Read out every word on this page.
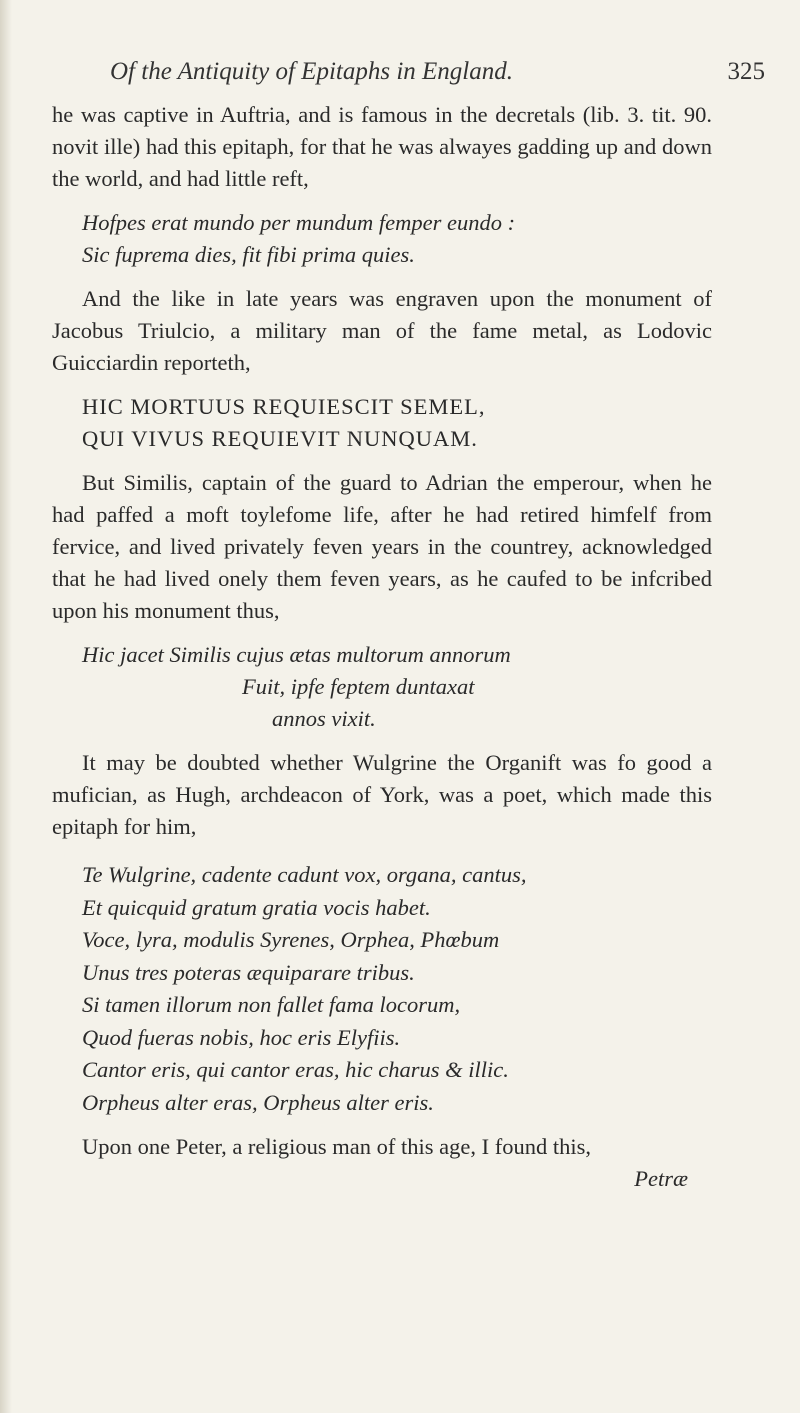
Of the Antiquity of Epitaphs in England.	325

he was captive in Auftria, and is famous in the decretals (lib. 3. tit. 90. novit ille) had this epitaph, for that he was alwayes gadding up and down the world, and had little reft,

Hofpes erat mundo per mundum femper eundo :
Sic fuprema dies, fit fibi prima quies.

And the like in late years was engraven upon the monument of Jacobus Triulcio, a military man of the fame metal, as Lodovic Guicciardin reporteth,

HIC MORTUUS REQUIESCIT SEMEL,
QUI VIVUS REQUIEVIT NUNQUAM.

But Similis, captain of the guard to Adrian the emperour, when he had paffed a moft toylefome life, after he had retired himfelf from fervice, and lived privately feven years in the countrey, acknowledged that he had lived onely them feven years, as he caufed to be infcribed upon his monument thus,

Hic jacet Similis cujus ætas multorum annorum
Fuit, ipfe feptem duntaxat
annos vixit.

It may be doubted whether Wulgrine the Organift was fo good a mufician, as Hugh, archdeacon of York, was a poet, which made this epitaph for him,

Te Wulgrine, cadente cadunt vox, organa, cantus,
Et quicquid gratum gratia vocis habet.
Voce, lyra, modulis Syrenes, Orphea, Phœbum
Unus tres poteras æquiparare tribus.
Si tamen illorum non fallet fama locorum,
Quod fueras nobis, hoc eris Elyfiis.
Cantor eris, qui cantor eras, hic charus & illic.
Orpheus alter eras, Orpheus alter eris.

Upon one Peter, a religious man of this age, I found this,

Petræ
